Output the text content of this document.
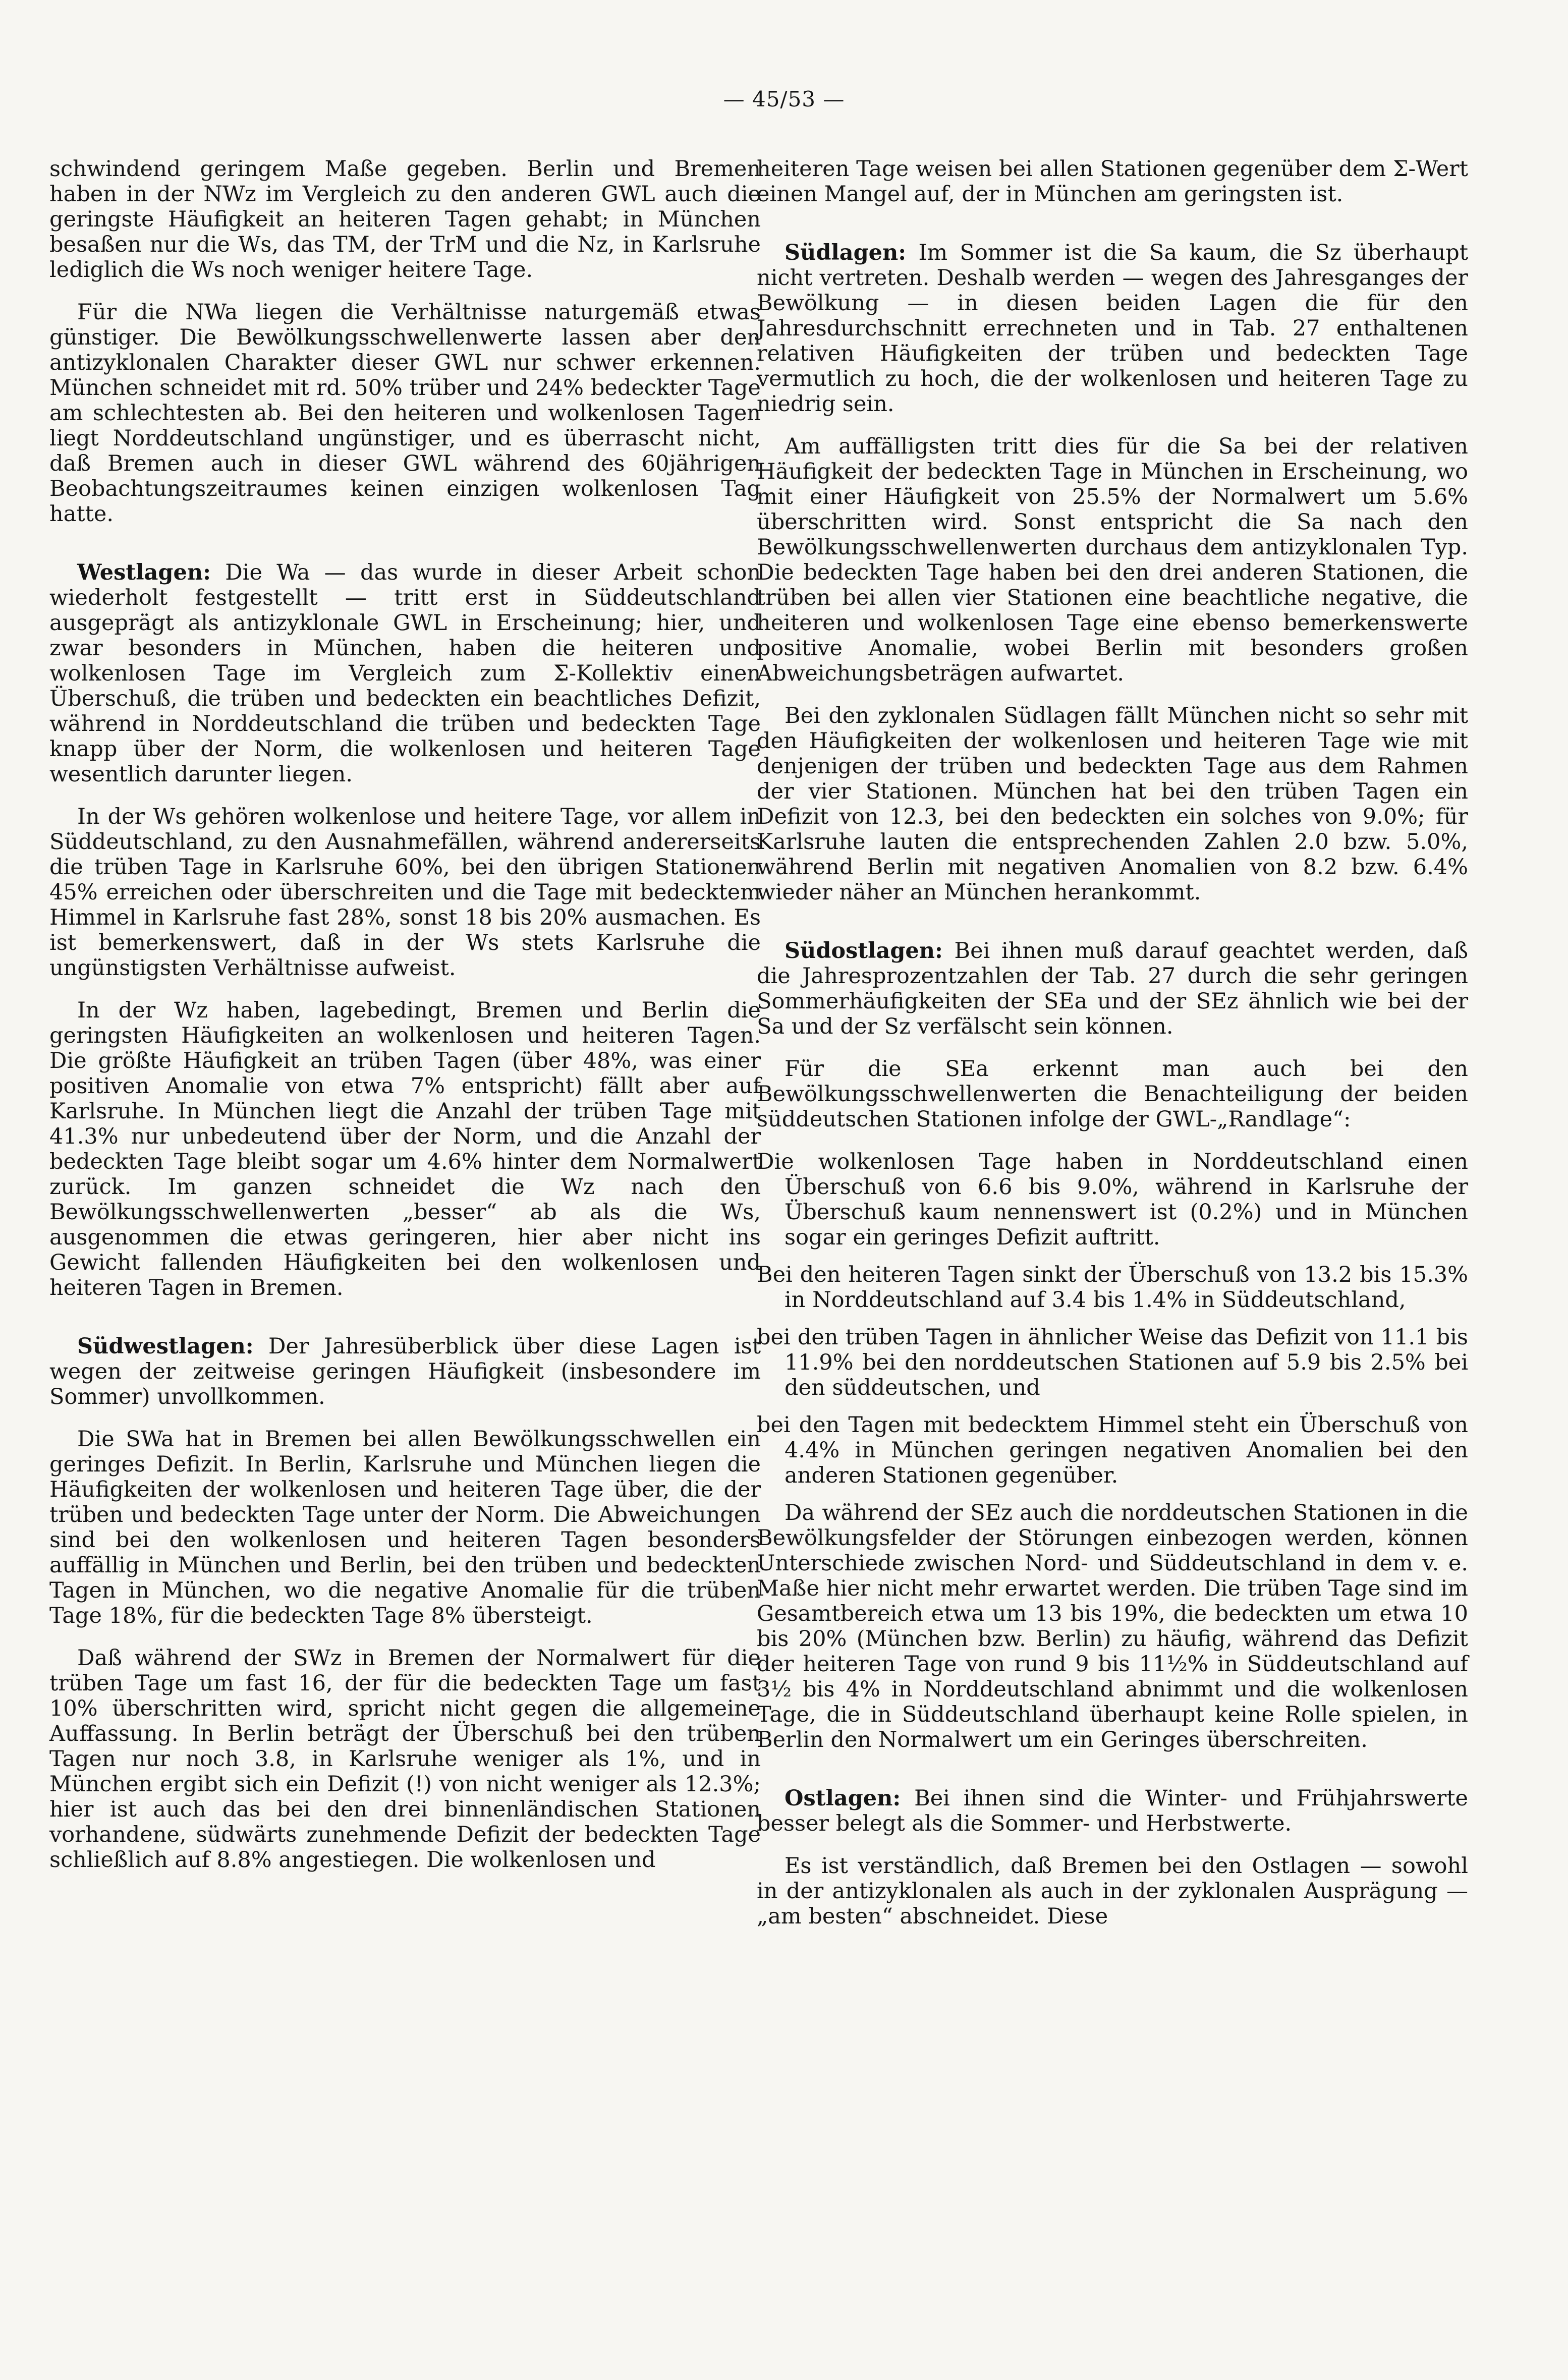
— 45/53 —

schwindend geringem Maße gegeben. Berlin und Bremen haben in der NWz im Vergleich zu den anderen GWL auch die geringste Häufigkeit an heiteren Tagen gehabt; in München besaßen nur die Ws, das TM, der TrM und die Nz, in Karlsruhe lediglich die Ws noch weniger heitere Tage.

Für die NWa liegen die Verhältnisse naturgemäß etwas günstiger. Die Bewölkungsschwellenwerte lassen aber den antizyklonalen Charakter dieser GWL nur schwer erkennen. München schneidet mit rd. 50% trüber und 24% bedeckter Tage am schlechtesten ab. Bei den heiteren und wolkenlosen Tagen liegt Norddeutschland ungünstiger, und es überrascht nicht, daß Bremen auch in dieser GWL während des 60jährigen Beobachtungszeitraumes keinen einzigen wolkenlosen Tag hatte.

Westlagen: Die Wa — das wurde in dieser Arbeit schon wiederholt festgestellt — tritt erst in Süddeutschland ausgeprägt als antizyklonale GWL in Erscheinung; hier, und zwar besonders in München, haben die heiteren und wolkenlosen Tage im Vergleich zum Σ-Kollektiv einen Überschuß, die trüben und bedeckten ein beachtliches Defizit, während in Norddeutschland die trüben und bedeckten Tage knapp über der Norm, die wolkenlosen und heiteren Tage wesentlich darunter liegen.

In der Ws gehören wolkenlose und heitere Tage, vor allem in Süddeutschland, zu den Ausnahmefällen, während andererseits die trüben Tage in Karlsruhe 60%, bei den übrigen Stationen 45% erreichen oder überschreiten und die Tage mit bedecktem Himmel in Karlsruhe fast 28%, sonst 18 bis 20% ausmachen. Es ist bemerkenswert, daß in der Ws stets Karlsruhe die ungünstigsten Verhältnisse aufweist.

In der Wz haben, lagebedingt, Bremen und Berlin die geringsten Häufigkeiten an wolkenlosen und heiteren Tagen. Die größte Häufigkeit an trüben Tagen (über 48%, was einer positiven Anomalie von etwa 7% entspricht) fällt aber auf Karlsruhe. In München liegt die Anzahl der trüben Tage mit 41.3% nur unbedeutend über der Norm, und die Anzahl der bedeckten Tage bleibt sogar um 4.6% hinter dem Normalwert zurück. Im ganzen schneidet die Wz nach den Bewölkungsschwellenwerten „besser“ ab als die Ws, ausgenommen die etwas geringeren, hier aber nicht ins Gewicht fallenden Häufigkeiten bei den wolkenlosen und heiteren Tagen in Bremen.

Südwestlagen: Der Jahresüberblick über diese Lagen ist wegen der zeitweise geringen Häufigkeit (insbesondere im Sommer) unvollkommen.

Die SWa hat in Bremen bei allen Bewölkungsschwellen ein geringes Defizit. In Berlin, Karlsruhe und München liegen die Häufigkeiten der wolkenlosen und heiteren Tage über, die der trüben und bedeckten Tage unter der Norm. Die Abweichungen sind bei den wolkenlosen und heiteren Tagen besonders auffällig in München und Berlin, bei den trüben und bedeckten Tagen in München, wo die negative Anomalie für die trüben Tage 18%, für die bedeckten Tage 8% übersteigt.

Daß während der SWz in Bremen der Normalwert für die trüben Tage um fast 16, der für die bedeckten Tage um fast 10% überschritten wird, spricht nicht gegen die allgemeine Auffassung. In Berlin beträgt der Überschuß bei den trüben Tagen nur noch 3.8, in Karlsruhe weniger als 1%, und in München ergibt sich ein Defizit (!) von nicht weniger als 12.3%; hier ist auch das bei den drei binnenländischen Stationen vorhandene, südwärts zunehmende Defizit der bedeckten Tage schließlich auf 8.8% angestiegen. Die wolkenlosen und

heiteren Tage weisen bei allen Stationen gegenüber dem Σ-Wert einen Mangel auf, der in München am geringsten ist.

Südlagen: Im Sommer ist die Sa kaum, die Sz überhaupt nicht vertreten. Deshalb werden — wegen des Jahresganges der Bewölkung — in diesen beiden Lagen die für den Jahresdurchschnitt errechneten und in Tab. 27 enthaltenen relativen Häufigkeiten der trüben und bedeckten Tage vermutlich zu hoch, die der wolkenlosen und heiteren Tage zu niedrig sein.

Am auffälligsten tritt dies für die Sa bei der relativen Häufigkeit der bedeckten Tage in München in Erscheinung, wo mit einer Häufigkeit von 25.5% der Normalwert um 5.6% überschritten wird. Sonst entspricht die Sa nach den Bewölkungsschwellenwerten durchaus dem antizyklonalen Typ. Die bedeckten Tage haben bei den drei anderen Stationen, die trüben bei allen vier Stationen eine beachtliche negative, die heiteren und wolkenlosen Tage eine ebenso bemerkenswerte positive Anomalie, wobei Berlin mit besonders großen Abweichungsbeträgen aufwartet.

Bei den zyklonalen Südlagen fällt München nicht so sehr mit den Häufigkeiten der wolkenlosen und heiteren Tage wie mit denjenigen der trüben und bedeckten Tage aus dem Rahmen der vier Stationen. München hat bei den trüben Tagen ein Defizit von 12.3, bei den bedeckten ein solches von 9.0%; für Karlsruhe lauten die entsprechenden Zahlen 2.0 bzw. 5.0%, während Berlin mit negativen Anomalien von 8.2 bzw. 6.4% wieder näher an München herankommt.

Südostlagen: Bei ihnen muß darauf geachtet werden, daß die Jahresprozentzahlen der Tab. 27 durch die sehr geringen Sommerhäufigkeiten der SEa und der SEz ähnlich wie bei der Sa und der Sz verfälscht sein können.

Für die SEa erkennt man auch bei den Bewölkungsschwellenwerten die Benachteiligung der beiden süddeutschen Stationen infolge der GWL-„Randlage“:

Die wolkenlosen Tage haben in Norddeutschland einen Überschuß von 6.6 bis 9.0%, während in Karlsruhe der Überschuß kaum nennenswert ist (0.2%) und in München sogar ein geringes Defizit auftritt.

Bei den heiteren Tagen sinkt der Überschuß von 13.2 bis 15.3% in Norddeutschland auf 3.4 bis 1.4% in Süddeutschland,

bei den trüben Tagen in ähnlicher Weise das Defizit von 11.1 bis 11.9% bei den norddeutschen Stationen auf 5.9 bis 2.5% bei den süddeutschen, und

bei den Tagen mit bedecktem Himmel steht ein Überschuß von 4.4% in München geringen negativen Anomalien bei den anderen Stationen gegenüber.

Da während der SEz auch die norddeutschen Stationen in die Bewölkungsfelder der Störungen einbezogen werden, können Unterschiede zwischen Nord- und Süddeutschland in dem v. e. Maße hier nicht mehr erwartet werden. Die trüben Tage sind im Gesamtbereich etwa um 13 bis 19%, die bedeckten um etwa 10 bis 20% (München bzw. Berlin) zu häufig, während das Defizit der heiteren Tage von rund 9 bis 11½% in Süddeutschland auf 3½ bis 4% in Norddeutschland abnimmt und die wolkenlosen Tage, die in Süddeutschland überhaupt keine Rolle spielen, in Berlin den Normalwert um ein Geringes überschreiten.

Ostlagen: Bei ihnen sind die Winter- und Frühjahrswerte besser belegt als die Sommer- und Herbstwerte.

Es ist verständlich, daß Bremen bei den Ostlagen — sowohl in der antizyklonalen als auch in der zyklonalen Ausprägung — „am besten“ abschneidet. Diese
